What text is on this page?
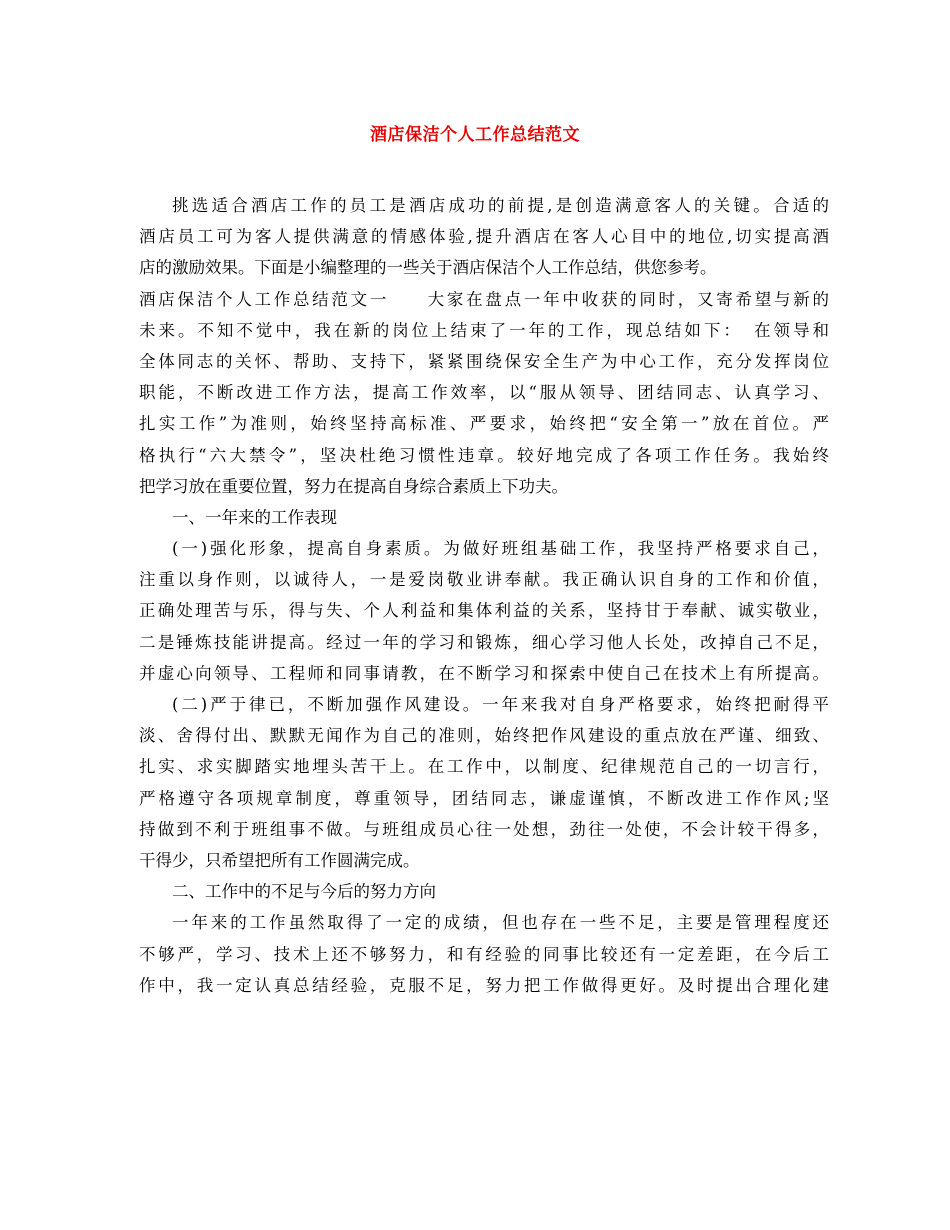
酒店保洁个人工作总结范文
挑选适合酒店工作的员工是酒店成功的前提,是创造满意客人的关键。合适的
酒店员工可为客人提供满意的情感体验,提升酒店在客人心目中的地位,切实提高酒
店的激励效果。下面是小编整理的一些关于酒店保洁个人工作总结，供您参考。
酒店保洁个人工作总结范文一　　大家在盘点一年中收获的同时，又寄希望与新的
未来。不知不觉中，我在新的岗位上结束了一年的工作，现总结如下：　在领导和
全体同志的关怀、帮助、支持下，紧紧围绕保安全生产为中心工作，充分发挥岗位
职能，不断改进工作方法，提高工作效率，以“服从领导、团结同志、认真学习、
扎实工作”为准则，始终坚持高标准、严要求，始终把“安全第一”放在首位。严
格执行“六大禁令”，坚决杜绝习惯性违章。较好地完成了各项工作任务。我始终
把学习放在重要位置，努力在提高自身综合素质上下功夫。
一、一年来的工作表现
(一)强化形象，提高自身素质。为做好班组基础工作，我坚持严格要求自己，
注重以身作则，以诚待人，一是爱岗敬业讲奉献。我正确认识自身的工作和价值，
正确处理苦与乐，得与失、个人利益和集体利益的关系，坚持甘于奉献、诚实敬业，
二是锤炼技能讲提高。经过一年的学习和锻炼，细心学习他人长处，改掉自己不足，
并虚心向领导、工程师和同事请教，在不断学习和探索中使自己在技术上有所提高。
(二)严于律已，不断加强作风建设。一年来我对自身严格要求，始终把耐得平
淡、舍得付出、默默无闻作为自己的准则，始终把作风建设的重点放在严谨、细致、
扎实、求实脚踏实地埋头苦干上。在工作中，以制度、纪律规范自己的一切言行，
严格遵守各项规章制度，尊重领导，团结同志，谦虚谨慎，不断改进工作作风;坚
持做到不利于班组事不做。与班组成员心往一处想，劲往一处使，不会计较干得多，
干得少，只希望把所有工作圆满完成。
二、工作中的不足与今后的努力方向
一年来的工作虽然取得了一定的成绩，但也存在一些不足，主要是管理程度还
不够严，学习、技术上还不够努力，和有经验的同事比较还有一定差距，在今后工
作中，我一定认真总结经验，克服不足，努力把工作做得更好。及时提出合理化建
